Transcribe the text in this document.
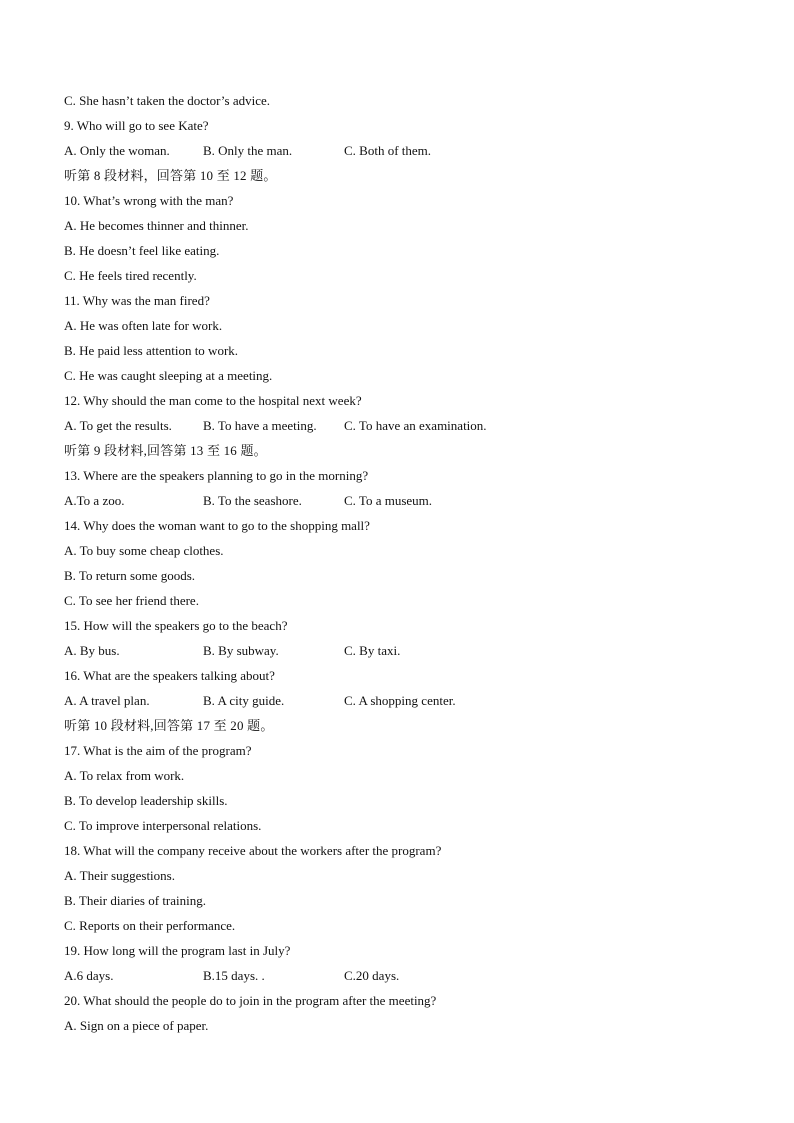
C. She hasn’t taken the doctor’s advice.
9. Who will go to see Kate?
A. Only the woman.	B. Only the man.	C. Both of them.
听第 8 段材料，回答第 10 至 12 题。
10. What’s wrong with the man?
A. He becomes thinner and thinner.
B. He doesn’t feel like eating.
C. He feels tired recently.
11. Why was the man fired?
A. He was often late for work.
B. He paid less attention to work.
C. He was caught sleeping at a meeting.
12. Why should the man come to the hospital next week?
A. To get the results. B. To have a meeting. C. To have an examination.
听第 9 段材料,回答第 13 至 16 题。
13. Where are the speakers planning to go in the morning?
A.To a zoo.	B. To the seashore.	C. To a museum.
14. Why does the woman want to go to the shopping mall?
A. To buy some cheap clothes.
B. To return some goods.
C. To see her friend there.
15. How will the speakers go to the beach?
A. By bus.	B. By subway.	C. By taxi.
16. What are the speakers talking about?
A. A travel plan.	B. A city guide.	C. A shopping center.
听第 10 段材料,回答第 17 至 20 题。
17. What is the aim of the program?
A. To relax from work.
B. To develop leadership skills.
C. To improve interpersonal relations.
18. What will the company receive about the workers after the program?
A. Their suggestions.
B. Their diaries of training.
C. Reports on their performance.
19. How long will the program last in July?
A.6 days.	B.15 days. .	C.20 days.
20. What should the people do to join in the program after the meeting?
A. Sign on a piece of paper.
